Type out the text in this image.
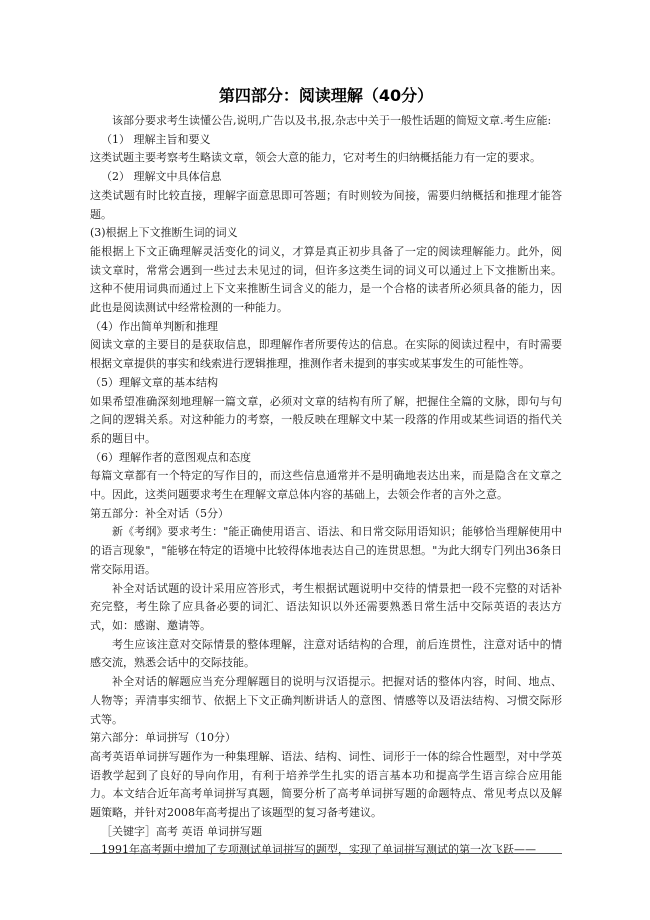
第四部分：阅读理解（40分）

该部分要求考生读懂公告,说明,广告以及书,报,杂志中关于一般性话题的简短文章.考生应能:

（1） 理解主旨和要义

这类试题主要考察考生略读文章，领会大意的能力，它对考生的归纳概括能力有一定的要求。

（2） 理解文中具体信息

这类试题有时比较直接，理解字面意思即可答题；有时则较为间接，需要归纳概括和推理才能答题。

(3)根据上下文推断生词的词义

能根据上下文正确理解灵活变化的词义，才算是真正初步具备了一定的阅读理解能力。此外，阅读文章时，常常会遇到一些过去未见过的词，但许多这类生词的词义可以通过上下文推断出来。这种不使用词典而通过上下文来推断生词含义的能力，是一个合格的读者所必须具备的能力，因此也是阅读测试中经常检测的一种能力。

（4）作出简单判断和推理

阅读文章的主要目的是获取信息，即理解作者所要传达的信息。在实际的阅读过程中，有时需要根据文章提供的事实和线索进行逻辑推理，推测作者未提到的事实或某事发生的可能性等。

（5）理解文章的基本结构

如果希望准确深刻地理解一篇文章，必须对文章的结构有所了解，把握住全篇的文脉，即句与句之间的逻辑关系。对这种能力的考察，一般反映在理解文中某一段落的作用或某些词语的指代关系的题目中。

（6）理解作者的意图观点和态度

每篇文章都有一个特定的写作目的，而这些信息通常并不是明确地表达出来，而是隐含在文章之中。因此，这类问题要求考生在理解文章总体内容的基础上，去领会作者的言外之意。

第五部分：补全对话（5分）

新《考纲》要求考生："能正确使用语言、语法、和日常交际用语知识；能够恰当理解使用中的语言现象"，"能够在特定的语境中比较得体地表达自己的连贯思想。"为此大纲专门列出36条日常交际用语。

补全对话试题的设计采用应答形式，考生根据试题说明中交待的情景把一段不完整的对话补充完整，考生除了应具备必要的词汇、语法知识以外还需要熟悉日常生活中交际英语的表达方式，如：感谢、邀请等。

考生应该注意对交际情景的整体理解，注意对话结构的合理，前后连贯性，注意对话中的情感交流，熟悉会话中的交际技能。

补全对话的解题应当充分理解题目的说明与汉语提示。把握对话的整体内容，时间、地点、人物等；弄清事实细节、依据上下文正确判断讲话人的意图、情感等以及语法结构、习惯交际形式等。

第六部分：单词拼写（10分）

高考英语单词拼写题作为一种集理解、语法、结构、词性、词形于一体的综合性题型，对中学英语教学起到了良好的导向作用，有利于培养学生扎实的语言基本功和提高学生语言综合应用能力。本文结合近年高考单词拼写真题，简要分析了高考单词拼写题的命题特点、常见考点以及解题策略，并针对2008年高考提出了该题型的复习备考建议。

［关键字］高考 英语 单词拼写题

1991年高考题中增加了专项测试单词拼写的题型，实现了单词拼写测试的第一次飞跃——
